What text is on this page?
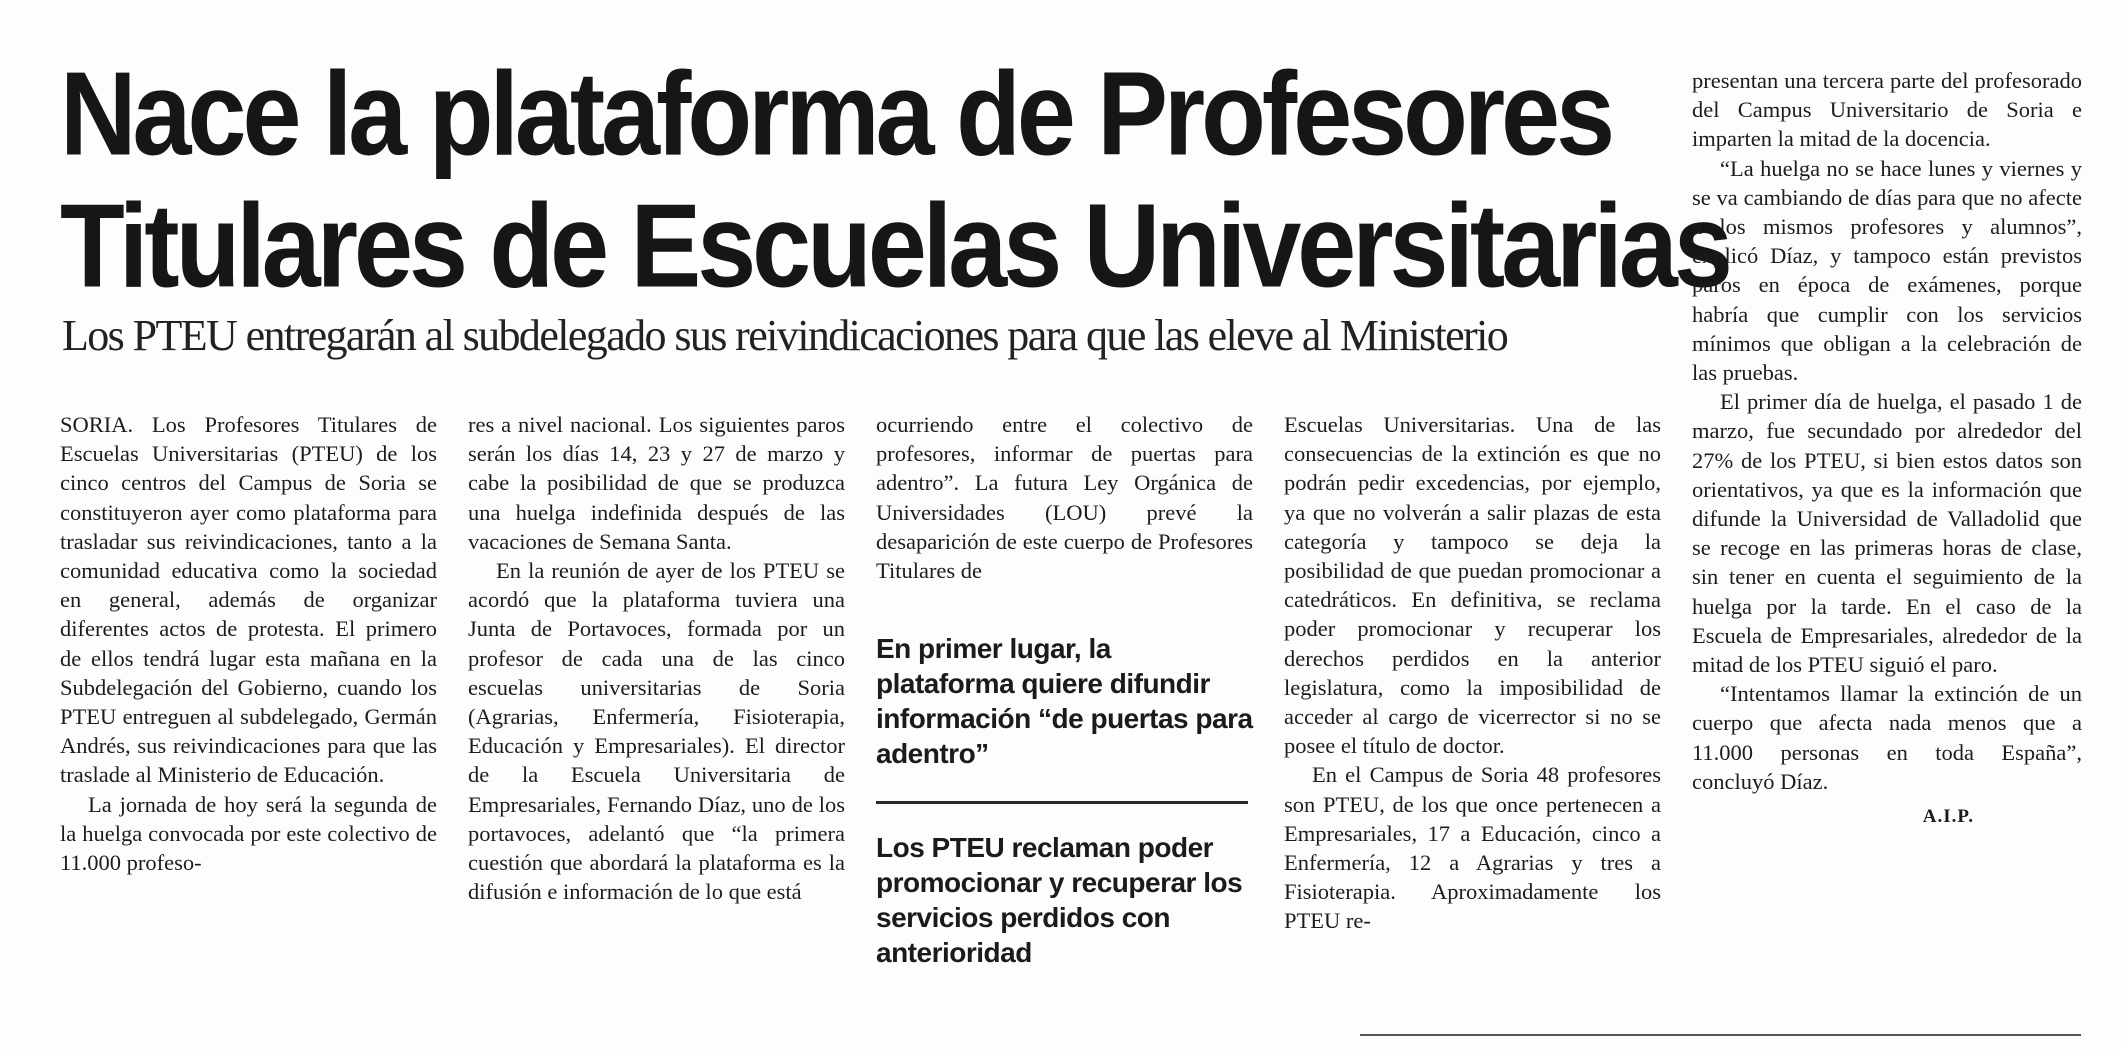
Nace la plataforma de Profesores
Titulares de Escuelas Universitarias
Los PTEU entregarán al subdelegado sus reivindicaciones para que las eleve al Ministerio

SORIA. Los Profesores Titulares de Escuelas Universitarias (PTEU) de los cinco centros del Campus de Soria se constituyeron ayer como plataforma para trasladar sus reivindicaciones, tanto a la comunidad educativa como la sociedad en general, además de organizar diferentes actos de protesta. El primero de ellos tendrá lugar esta mañana en la Subdelegación del Gobierno, cuando los PTEU entreguen al subdelegado, Germán Andrés, sus reivindicaciones para que las traslade al Ministerio de Educación.

La jornada de hoy será la segunda de la huelga convocada por este colectivo de 11.000 profeso-

res a nivel nacional. Los siguientes paros serán los días 14, 23 y 27 de marzo y cabe la posibilidad de que se produzca una huelga indefinida después de las vacaciones de Semana Santa.

En la reunión de ayer de los PTEU se acordó que la plataforma tuviera una Junta de Portavoces, formada por un profesor de cada una de las cinco escuelas universitarias de Soria (Agrarias, Enfermería, Fisioterapia, Educación y Empresariales). El director de la Escuela Universitaria de Empresariales, Fernando Díaz, uno de los portavoces, adelantó que “la primera cuestión que abordará la plataforma es la difusión e información de lo que está

ocurriendo entre el colectivo de profesores, informar de puertas para adentro”. La futura Ley Orgánica de Universidades (LOU) prevé la desaparición de este cuerpo de Profesores Titulares de

En primer lugar, la plataforma quiere difundir información “de puertas para adentro”

Los PTEU reclaman poder promocionar y recuperar los servicios perdidos con anterioridad

Escuelas Universitarias. Una de las consecuencias de la extinción es que no podrán pedir excedencias, por ejemplo, ya que no volverán a salir plazas de esta categoría y tampoco se deja la posibilidad de que puedan promocionar a catedráticos. En definitiva, se reclama poder promocionar y recuperar los derechos perdidos en la anterior legislatura, como la imposibilidad de acceder al cargo de vicerrector si no se posee el título de doctor.

En el Campus de Soria 48 profesores son PTEU, de los que once pertenecen a Empresariales, 17 a Educación, cinco a Enfermería, 12 a Agrarias y tres a Fisioterapia. Aproximadamente los PTEU re-

presentan una tercera parte del profesorado del Campus Universitario de Soria e imparten la mitad de la docencia.

“La huelga no se hace lunes y viernes y se va cambiando de días para que no afecte a los mismos profesores y alumnos”, explicó Díaz, y tampoco están previstos paros en época de exámenes, porque habría que cumplir con los servicios mínimos que obligan a la celebración de las pruebas.

El primer día de huelga, el pasado 1 de marzo, fue secundado por alrededor del 27% de los PTEU, si bien estos datos son orientativos, ya que es la información que difunde la Universidad de Valladolid que se recoge en las primeras horas de clase, sin tener en cuenta el seguimiento de la huelga por la tarde. En el caso de la Escuela de Empresariales, alrededor de la mitad de los PTEU siguió el paro.

“Intentamos llamar la extinción de un cuerpo que afecta nada menos que a 11.000 personas en toda España”, concluyó Díaz.

A.I.P.
